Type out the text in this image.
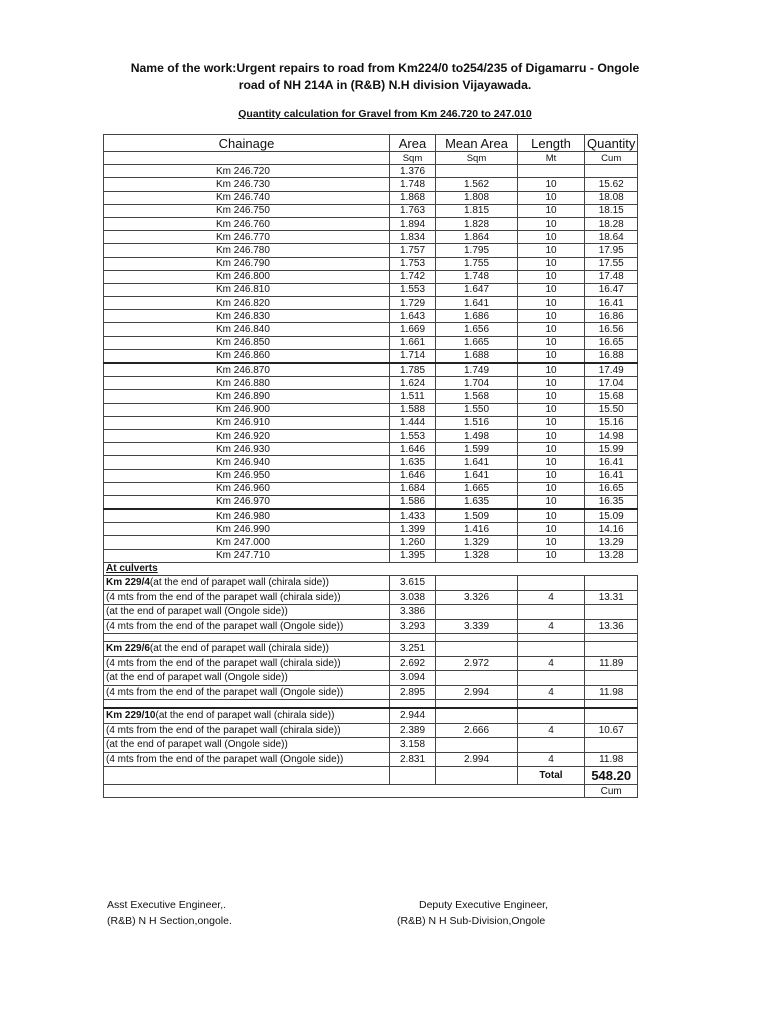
Name of the work:Urgent repairs to road from Km224/0 to254/235 of Digamarru - Ongole
road of NH 214A in (R&B) N.H division Vijayawada.
Quantity calculation for Gravel from Km 246.720 to 247.010
Chainage	Area	Mean Area	Length	Quantity
	Sqm	Sqm	Mt	Cum
Km 246.720	1.376			
Km 246.730	1.748	1.562	10	15.62
Km 246.740	1.868	1.808	10	18.08
Km 246.750	1.763	1.815	10	18.15
Km 246.760	1.894	1.828	10	18.28
Km 246.770	1.834	1.864	10	18.64
Km 246.780	1.757	1.795	10	17.95
Km 246.790	1.753	1.755	10	17.55
Km 246.800	1.742	1.748	10	17.48
Km 246.810	1.553	1.647	10	16.47
Km 246.820	1.729	1.641	10	16.41
Km 246.830	1.643	1.686	10	16.86
Km 246.840	1.669	1.656	10	16.56
Km 246.850	1.661	1.665	10	16.65
Km 246.860	1.714	1.688	10	16.88
Km 246.870	1.785	1.749	10	17.49
Km 246.880	1.624	1.704	10	17.04
Km 246.890	1.511	1.568	10	15.68
Km 246.900	1.588	1.550	10	15.50
Km 246.910	1.444	1.516	10	15.16
Km 246.920	1.553	1.498	10	14.98
Km 246.930	1.646	1.599	10	15.99
Km 246.940	1.635	1.641	10	16.41
Km 246.950	1.646	1.641	10	16.41
Km 246.960	1.684	1.665	10	16.65
Km 246.970	1.586	1.635	10	16.35
Km 246.980	1.433	1.509	10	15.09
Km 246.990	1.399	1.416	10	14.16
Km 247.000	1.260	1.329	10	13.29
Km 247.710	1.395	1.328	10	13.28
At culverts				
Km 229/4(at the end of parapet wall (chirala side))	3.615			
(4 mts from the end of the parapet wall (chirala side))	3.038	3.326	4	13.31
(at the end of parapet wall (Ongole side))	3.386			
(4 mts from the end of the parapet wall (Ongole side))	3.293	3.339	4	13.36

Km 229/6(at the end of parapet wall (chirala side))	3.251			
(4 mts from the end of the parapet wall (chirala side))	2.692	2.972	4	11.89
(at the end of parapet wall (Ongole side))	3.094			
(4 mts from the end of the parapet wall (Ongole side))	2.895	2.994	4	11.98

Km 229/10(at the end of parapet wall (chirala side))	2.944			
(4 mts from the end of the parapet wall (chirala side))	2.389	2.666	4	10.67
(at the end of parapet wall (Ongole side))	3.158			
(4 mts from the end of the parapet wall (Ongole side))	2.831	2.994	4	11.98
			Total	548.20
				Cum
Asst Executive Engineer,.
(R&B) N H Section,ongole.
Deputy Executive Engineer,
(R&B) N H Sub-Division,Ongole
